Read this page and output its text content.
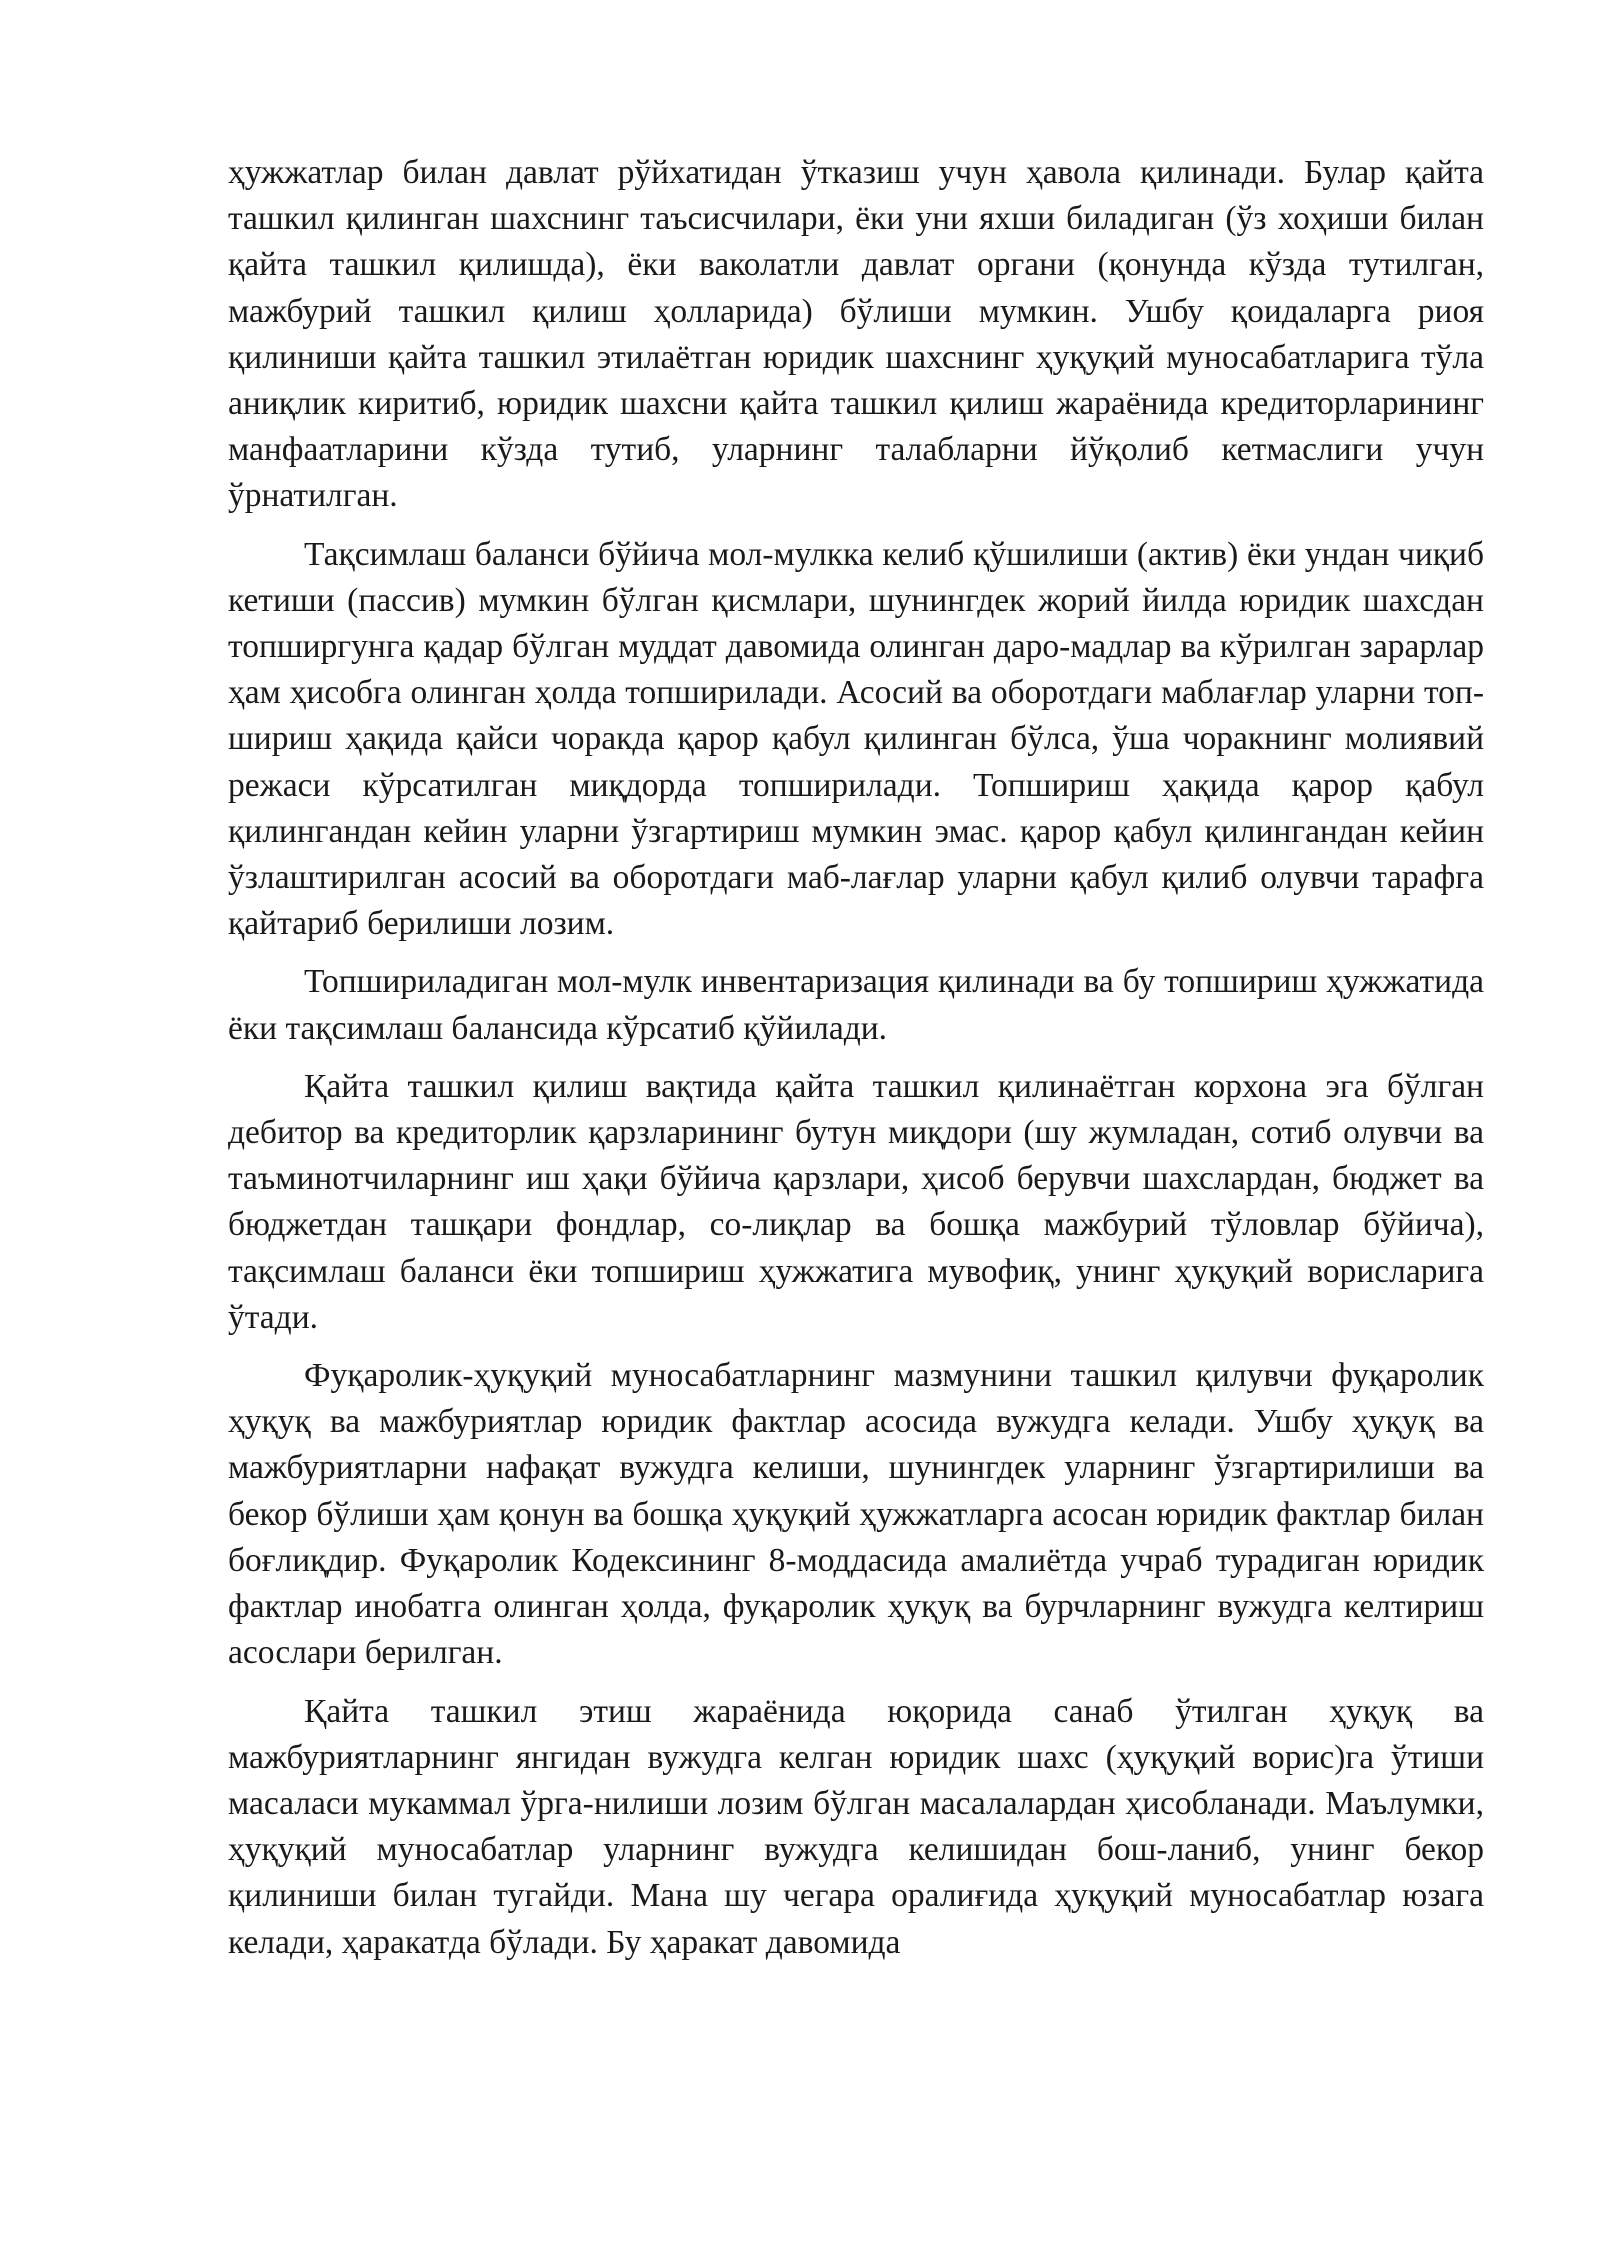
ҳужжатлар билан давлат рўйхатидан ўтказиш учун ҳавола қилинади. Булар қайта ташкил қилинган шахснинг таъсисчилари, ёки уни яхши биладиган (ўз хоҳиши билан қайта ташкил қилишда), ёки ваколатли давлат органи (қонунда кўзда тутилган, мажбурий ташкил қилиш ҳолларида) бўлиши мумкин. Ушбу қоидаларга риоя қилиниши қайта ташкил этилаётган юридик шахснинг ҳуқуқий муносабатларига тўла аниқлик киритиб, юридик шахсни қайта ташкил қилиш жараёнида кредиторларининг манфаатларини кўзда тутиб, уларнинг талабларни йўқолиб кетмаслиги учун ўрнатилган.

Тақсимлаш баланси бўйича мол-мулкка келиб қўшилиши (актив) ёки ундан чиқиб кетиши (пассив) мумкин бўлган қисмлари, шунингдек жорий йилда юридик шахсдан топширгунга қадар бўлган муддат давомида олинган даро-мадлар ва кўрилган зарарлар ҳам ҳисобга олинган ҳолда топширилади. Асосий ва оборотдаги маблағлар уларни топ-шириш ҳақида қайси чоракда қарор қабул қилинган бўлса, ўша чоракнинг молиявий режаси кўрсатилган миқдорда топширилади. Топшириш ҳақида қарор қабул қилингандан кейин уларни ўзгартириш мумкин эмас. қарор қабул қилингандан кейин ўзлаштирилган асосий ва оборотдаги маб-лағлар уларни қабул қилиб олувчи тарафга қайтариб берилиши лозим.

Топшириладиган мол-мулк инвентаризация қилинади ва бу топшириш ҳужжатида ёки тақсимлаш балансида кўрсатиб қўйилади.

Қайта ташкил қилиш вақтида қайта ташкил қилинаётган корхона эга бўлган дебитор ва кредиторлик қарзларининг бутун миқдори (шу жумладан, сотиб олувчи ва таъминотчиларнинг иш ҳақи бўйича қарзлари, ҳисоб берувчи шахслардан, бюджет ва бюджетдан ташқари фондлар, со-лиқлар ва бошқа мажбурий тўловлар бўйича), тақсимлаш баланси ёки топшириш ҳужжатига мувофиқ, унинг ҳуқуқий ворисларига ўтади.

Фуқаролик-ҳуқуқий муносабатларнинг мазмунини ташкил қилувчи фуқаролик ҳуқуқ ва мажбуриятлар юридик фактлар асосида вужудга келади. Ушбу ҳуқуқ ва мажбуриятларни нафақат вужудга келиши, шунингдек уларнинг ўзгартирилиши ва бекор бўлиши ҳам қонун ва бошқа ҳуқуқий ҳужжатларга асосан юридик фактлар билан боғлиқдир. Фуқаролик Кодексининг 8-моддасида амалиётда учраб турадиган юридик фактлар инобатга олинган ҳолда, фуқаролик ҳуқуқ ва бурчларнинг вужудга келтириш асослари берилган.

Қайта ташкил этиш жараёнида юқорида санаб ўтилган ҳуқуқ ва мажбуриятларнинг янгидан вужудга келган юридик шахс (ҳуқуқий ворис)га ўтиши масаласи мукаммал ўрга-нилиши лозим бўлган масалалардан ҳисобланади. Маълумки, ҳуқуқий муносабатлар уларнинг вужудга келишидан бош-ланиб, унинг бекор қилиниши билан тугайди. Мана шу чегара оралиғида ҳуқуқий муносабатлар юзага келади, ҳаракатда бўлади. Бу ҳаракат давомида
